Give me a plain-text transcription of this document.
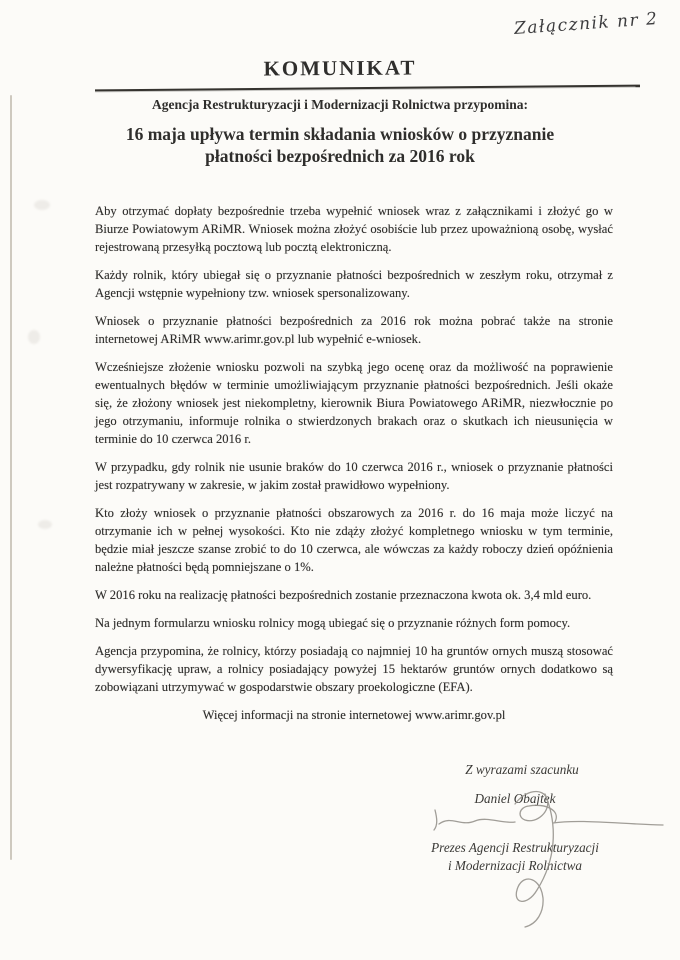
Załącznik nr 2
KOMUNIKAT
Agencja Restrukturyzacji i Modernizacji Rolnictwa przypomina:
16 maja upływa termin składania wniosków o przyznanie płatności bezpośrednich za 2016 rok

Aby otrzymać dopłaty bezpośrednie trzeba wypełnić wniosek wraz z załącznikami i złożyć go w Biurze Powiatowym ARiMR. Wniosek można złożyć osobiście lub przez upoważnioną osobę, wysłać rejestrowaną przesyłką pocztową lub pocztą elektroniczną.

Każdy rolnik, który ubiegał się o przyznanie płatności bezpośrednich w zeszłym roku, otrzymał z Agencji wstępnie wypełniony tzw. wniosek spersonalizowany.

Wniosek o przyznanie płatności bezpośrednich za 2016 rok można pobrać także na stronie internetowej ARiMR www.arimr.gov.pl lub wypełnić e-wniosek.

Wcześniejsze złożenie wniosku pozwoli na szybką jego ocenę oraz da możliwość na poprawienie ewentualnych błędów w terminie umożliwiającym przyznanie płatności bezpośrednich. Jeśli okaże się, że złożony wniosek jest niekompletny, kierownik Biura Powiatowego ARiMR, niezwłocznie po jego otrzymaniu, informuje rolnika o stwierdzonych brakach oraz o skutkach ich nieusunięcia w terminie do 10 czerwca 2016 r.

W przypadku, gdy rolnik nie usunie braków do 10 czerwca 2016 r., wniosek o przyznanie płatności jest rozpatrywany w zakresie, w jakim został prawidłowo wypełniony.

Kto złoży wniosek o przyznanie płatności obszarowych za 2016 r. do 16 maja może liczyć na otrzymanie ich w pełnej wysokości. Kto nie zdąży złożyć kompletnego wniosku w tym terminie, będzie miał jeszcze szanse zrobić to do 10 czerwca, ale wówczas za każdy roboczy dzień opóźnienia należne płatności będą pomniejszane o 1%.

W 2016 roku na realizację płatności bezpośrednich zostanie przeznaczona kwota ok. 3,4 mld euro.

Na jednym formularzu wniosku rolnicy mogą ubiegać się o przyznanie różnych form pomocy.

Agencja przypomina, że rolnicy, którzy posiadają co najmniej 10 ha gruntów ornych muszą stosować dywersyfikację upraw, a rolnicy posiadający powyżej 15 hektarów gruntów ornych dodatkowo są zobowiązani utrzymywać w gospodarstwie obszary proekologiczne (EFA).

Więcej informacji na stronie internetowej www.arimr.gov.pl
Z wyrazami szacunku
Daniel Obajtek
Prezes Agencji Restrukturyzacji
i Modernizacji Rolnictwa
